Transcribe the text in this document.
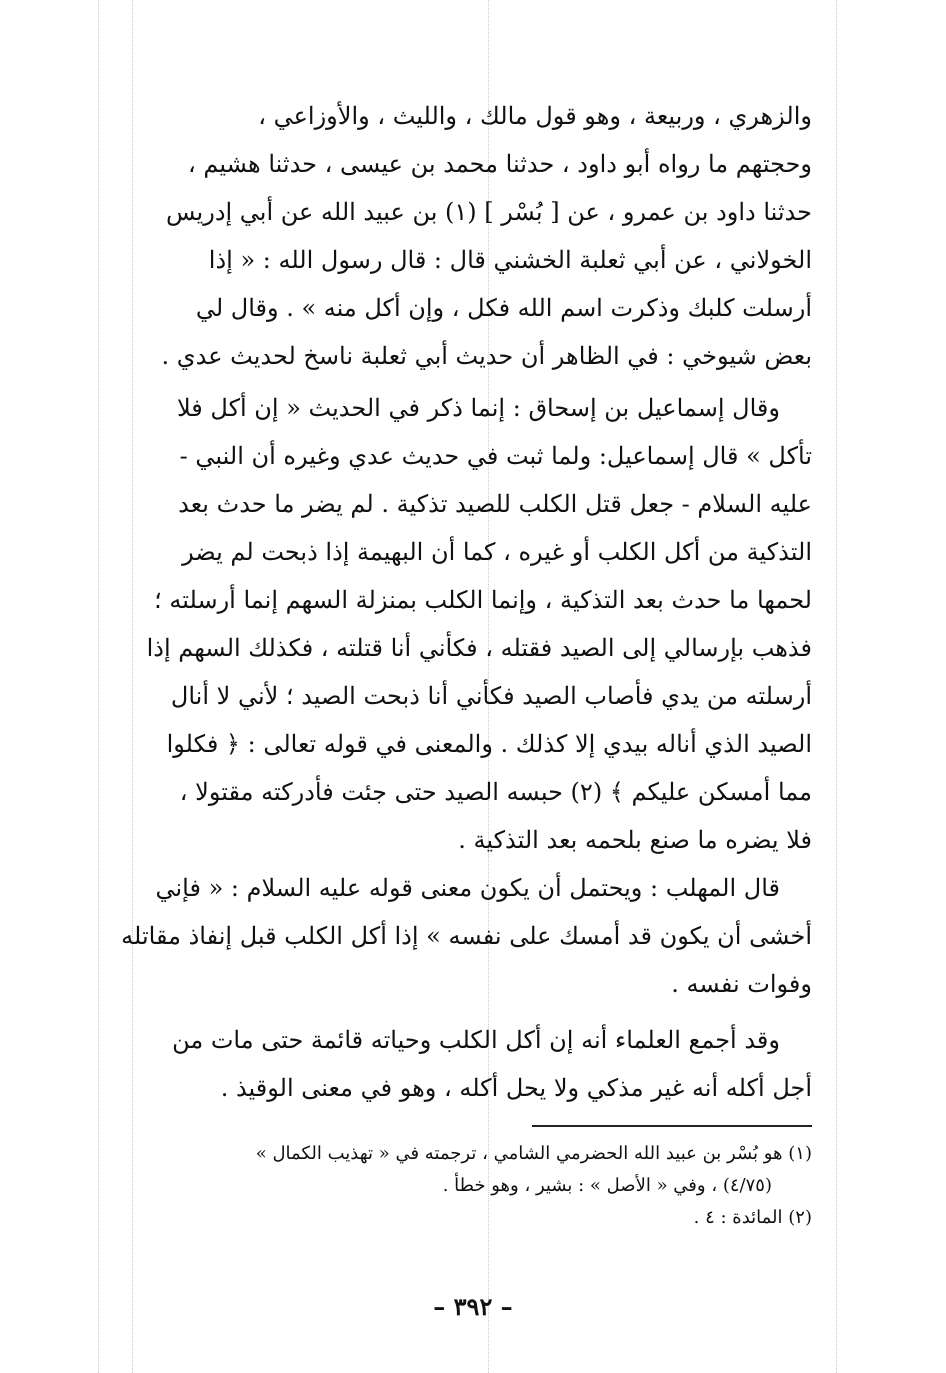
والزهري ، وربيعة ، وهو قول مالك ، والليث ، والأوزاعي ،
وحجتهم ما رواه أبو داود ، حدثنا محمد بن عيسى ، حدثنا هشيم ،
حدثنا داود بن عمرو ، عن [ بُسْر ] (١) بن عبيد الله عن أبي إدريس
الخولاني ، عن أبي ثعلبة الخشني قال : قال رسول الله : « إذا
أرسلت كلبك وذكرت اسم الله فكل ، وإن أكل منه » . وقال لي
بعض شيوخي : في الظاهر أن حديث أبي ثعلبة ناسخ لحديث عدي .
وقال إسماعيل بن إسحاق : إنما ذكر في الحديث « إن أكل فلا
تأكل » قال إسماعيل: ولما ثبت في حديث عدي وغيره أن النبي -
عليه السلام - جعل قتل الكلب للصيد تذكية . لم يضر ما حدث بعد
التذكية من أكل الكلب أو غيره ، كما أن البهيمة إذا ذبحت لم يضر
لحمها ما حدث بعد التذكية ، وإنما الكلب بمنزلة السهم إنما أرسلته ؛
فذهب بإرسالي إلى الصيد فقتله ، فكأني أنا قتلته ، فكذلك السهم إذا
أرسلته من يدي فأصاب الصيد فكأني أنا ذبحت الصيد ؛ لأني لا أنال
الصيد الذي أناله بيدي إلا كذلك . والمعنى في قوله تعالى : ﴿ فكلوا
مما أمسكن عليكم ﴾ (٢) حبسه الصيد حتى جئت فأدركته مقتولا ،
فلا يضره ما صنع بلحمه بعد التذكية .
قال المهلب : ويحتمل أن يكون معنى قوله عليه السلام : « فإني
أخشى أن يكون قد أمسك على نفسه » إذا أكل الكلب قبل إنفاذ مقاتله
وفوات نفسه .
وقد أجمع العلماء أنه إن أكل الكلب وحياته قائمة حتى مات من
أجل أكله أنه غير مذكي ولا يحل أكله ، وهو في معنى الوقيذ .
(١) هو بُسْر بن عبيد الله الحضرمي الشامي ، ترجمته في « تهذيب الكمال »
(٤/٧٥) ، وفي « الأصل » : بشير ، وهو خطأ .
(٢) المائدة : ٤ .
– ٣٩٢ –
